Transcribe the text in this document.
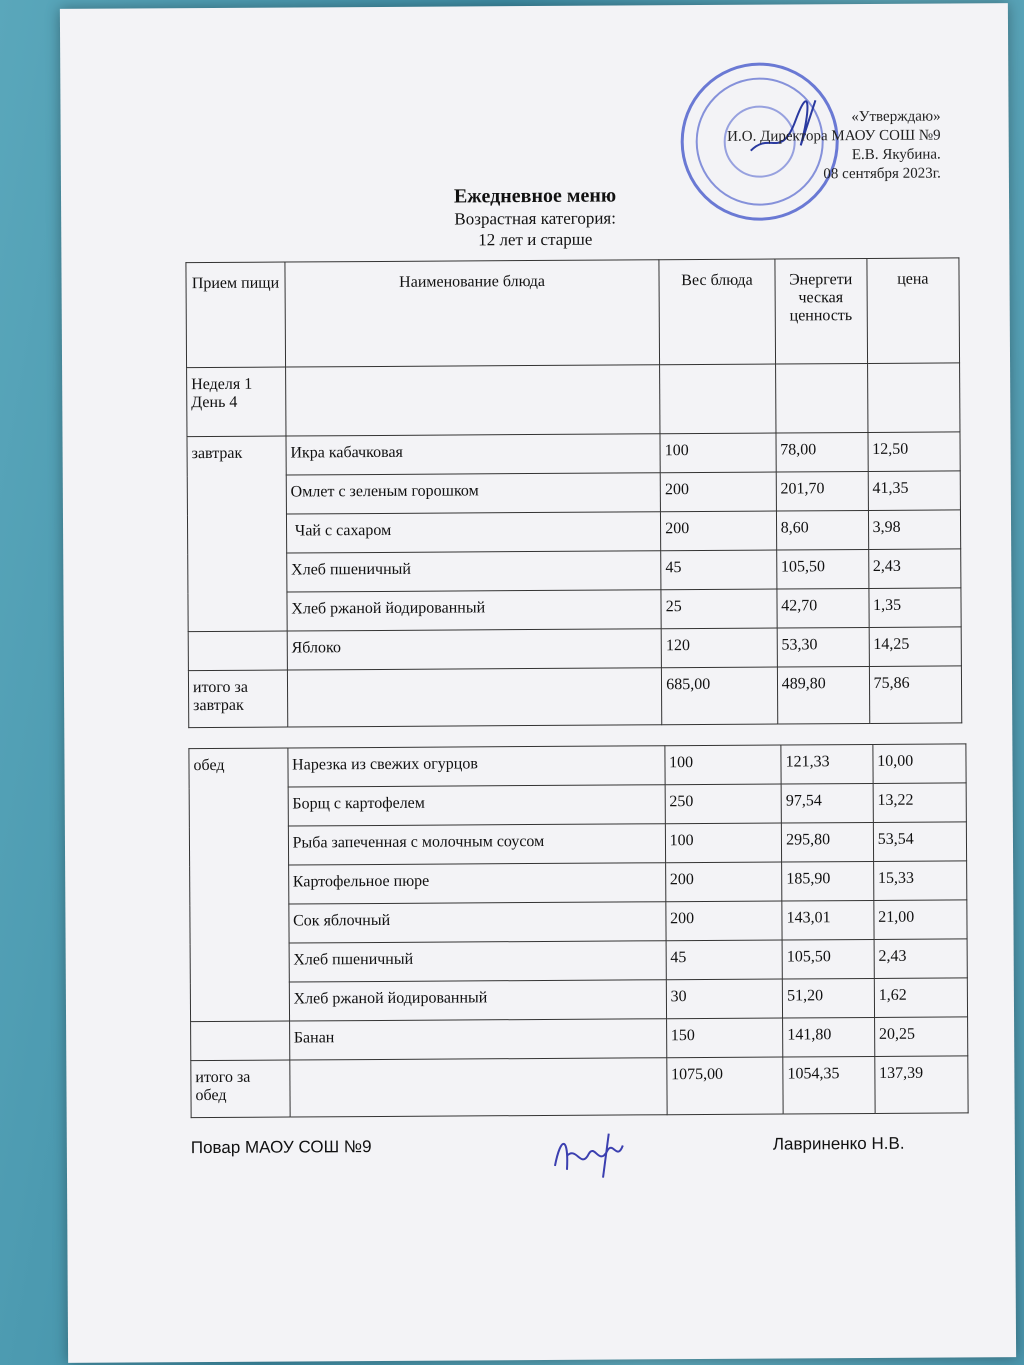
«Утверждаю»
И.О. Директора МАОУ СОШ №9
Е.В. Якубина.
08 сентября 2023г.
Ежедневное меню
Возрастная категория:
12 лет и старше
Прием пищи	Наименование блюда	Вес блюда	Энергети ческая ценность	цена

Неделя 1
День 4				

завтрак	Икра кабачковая	100	78,00	12,50
	Омлет с зеленым горошком	200	201,70	41,35
	Чай с сахаром	200	8,60	3,98
	Хлеб пшеничный	45	105,50	2,43
	Хлеб ржаной йодированный	25	42,70	1,35
	Яблоко	120	53,30	14,25
итого за завтрак		685,00	489,80	75,86
обед	Нарезка из свежих огурцов	100	121,33	10,00
	Борщ с картофелем	250	97,54	13,22
	Рыба запеченная с молочным соусом	100	295,80	53,54
	Картофельное пюре	200	185,90	15,33
	Сок яблочный	200	143,01	21,00
	Хлеб пшеничный	45	105,50	2,43
	Хлеб ржаной йодированный	30	51,20	1,62
	Банан	150	141,80	20,25
итого за обед		1075,00	1054,35	137,39
Повар МАОУ СОШ №9	Лавриненко Н.В.
